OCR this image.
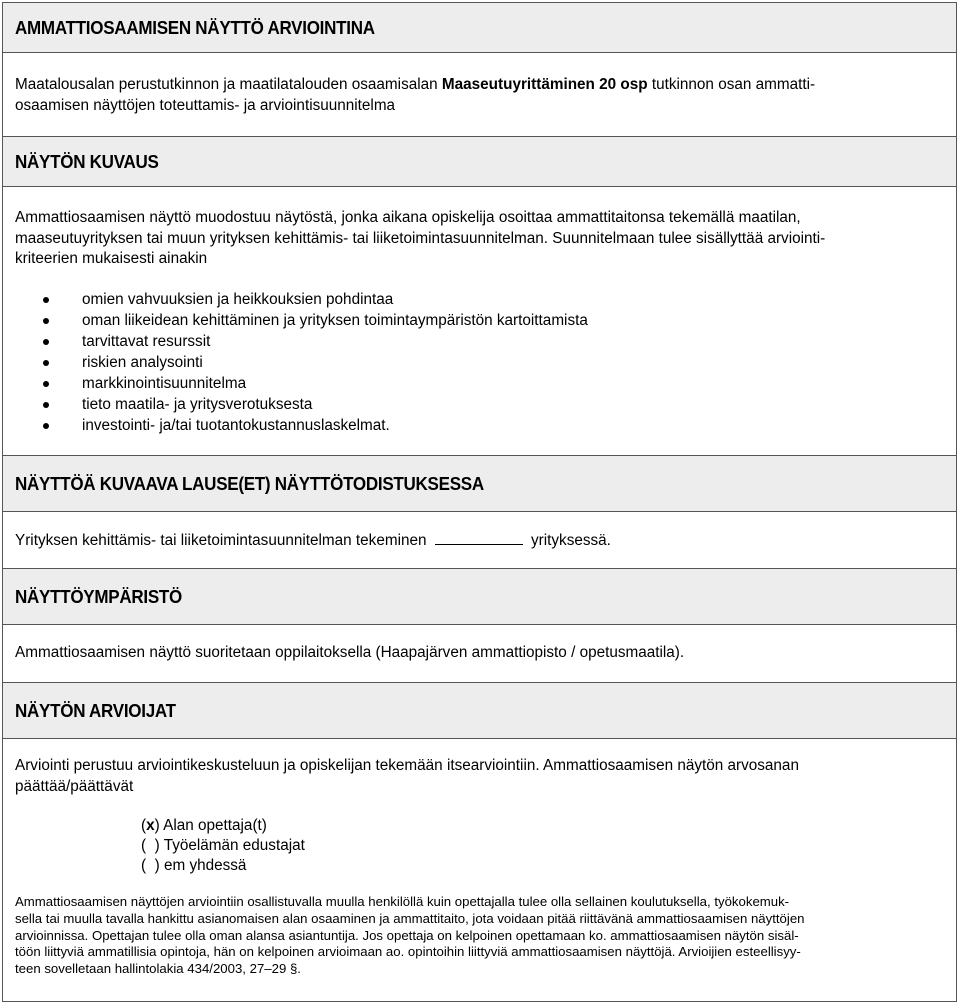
AMMATTIOSAAMISEN NÄYTTÖ ARVIOINTINA
Maatalousalan perustutkinnon ja maatilatalouden osaamisalan Maaseutuyrittäminen 20 osp tutkinnon osan ammatti-
osaamisen näyttöjen toteuttamis- ja arviointisuunnitelma
NÄYTÖN KUVAUS
Ammattiosaamisen näyttö muodostuu näytöstä, jonka aikana opiskelija osoittaa ammattitaitonsa tekemällä maatilan,
maaseutuyrityksen tai muun yrityksen kehittämis- tai liiketoimintasuunnitelman. Suunnitelmaan tulee sisällyttää arviointi-
kriteerien mukaisesti ainakin
omien vahvuuksien ja heikkouksien pohdintaa
oman liikeidean kehittäminen ja yrityksen toimintaympäristön kartoittamista
tarvittavat resurssit
riskien analysointi
markkinointisuunnitelma
tieto maatila- ja yritysverotuksesta
investointi- ja/tai tuotantokustannuslaskelmat.
NÄYTTÖÄ KUVAAVA LAUSE(ET) NÄYTTÖTODISTUKSESSA
Yrityksen kehittämis- tai liiketoimintasuunnitelman tekeminen	yrityksessä.
NÄYTTÖYMPÄRISTÖ
Ammattiosaamisen näyttö suoritetaan oppilaitoksella (Haapajärven ammattiopisto / opetusmaatila).
NÄYTÖN ARVIOIJAT
Arviointi perustuu arviointikeskusteluun ja opiskelijan tekemään itsearviointiin. Ammattiosaamisen näytön arvosanan
päättää/päättävät
(x) Alan opettaja(t)
( ) Työelämän edustajat
( ) em yhdessä
Ammattiosaamisen näyttöjen arviointiin osallistuvalla muulla henkilöllä kuin opettajalla tulee olla sellainen koulutuksella, työkokemuk-
sella tai muulla tavalla hankittu asianomaisen alan osaaminen ja ammattitaito, jota voidaan pitää riittävänä ammattiosaamisen näyttöjen
arvioinnissa. Opettajan tulee olla oman alansa asiantuntija. Jos opettaja on kelpoinen opettamaan ko. ammattiosaamisen näytön sisäl-
töön liittyviä ammatillisia opintoja, hän on kelpoinen arvioimaan ao. opintoihin liittyviä ammattiosaamisen näyttöjä. Arvioijien esteellisyy-
teen sovelletaan hallintolakia 434/2003, 27–29 §.
